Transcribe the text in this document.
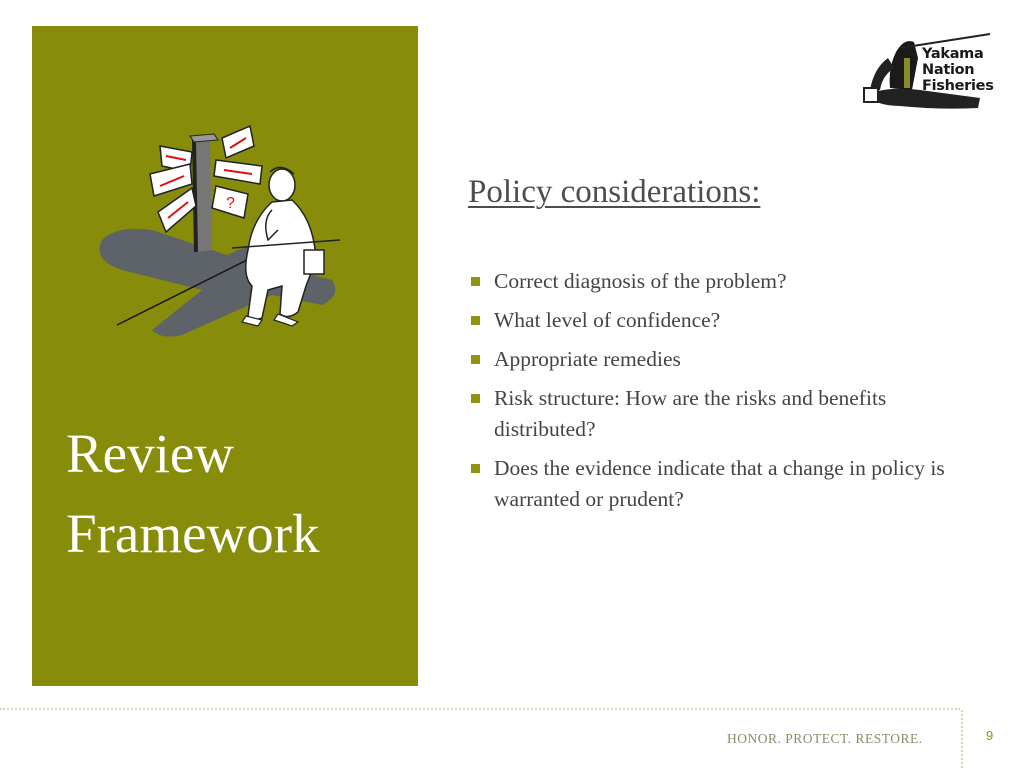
?
Review
Framework
Yakama
Nation
Fisheries
Policy considerations:
Correct diagnosis of the problem?
What level of confidence?
Appropriate remedies
Risk structure: How are the risks and benefits distributed?
Does the evidence indicate that a change in policy is warranted or prudent?
HONOR. PROTECT. RESTORE.	9
